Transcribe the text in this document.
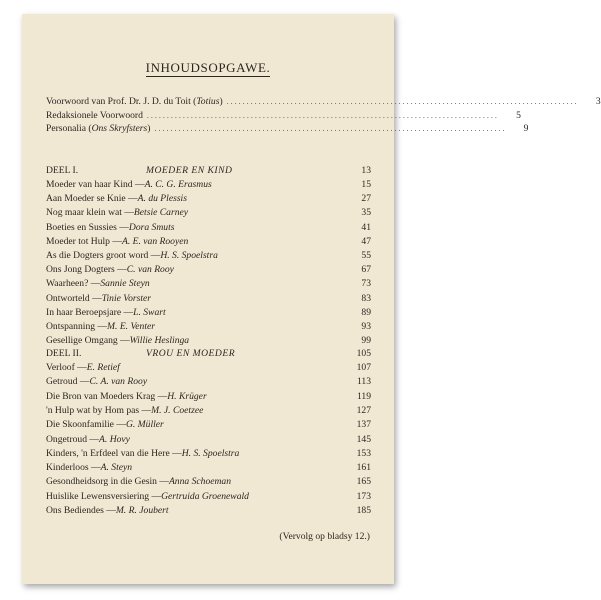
INHOUDSOPGAWE.
Voorwoord van Prof. Dr. J. D. du Toit ( Totius ) ........................................................................................	3
Redaksionele Voorwoord ........................................................................................	5
Personalia ( Ons Skryfsters ) ........................................................................................	9
DEEL I.	MOEDER EN KIND	13
Moeder van haar Kind — A. C. G. Erasmus	15
Aan Moeder se Knie — A. du Plessis	27
Nog maar klein wat — Betsie Carney	35
Boeties en Sussies — Dora Smuts	41
Moeder tot Hulp — A. E. van Rooyen	47
As die Dogters groot word — H. S. Spoelstra	55
Ons Jong Dogters — C. van Rooy	67
Waarheen? — Sannie Steyn	73
Ontworteld — Tinie Vorster	83
In haar Beroepsjare — L. Swart	89
Ontspanning — M. E. Venter	93
Gesellige Omgang — Willie Heslinga	99
DEEL II.	VROU EN MOEDER	105
Verloof — E. Retief	107
Getroud — C. A. van Rooy	113
Die Bron van Moeders Krag — H. Krüger	119
'n Hulp wat by Hom pas — M. J. Coetzee	127
Die Skoonfamilie — G. Müller	137
Ongetroud — A. Hovy	145
Kinders, 'n Erfdeel van die Here — H. S. Spoelstra	153
Kinderloos — A. Steyn	161
Gesondheidsorg in die Gesin — Anna Schoeman	165
Huislike Lewensversiering — Gertruida Groenewald	173
Ons Bediendes — M. R. Joubert	185
(Vervolg op bladsy 12.)
